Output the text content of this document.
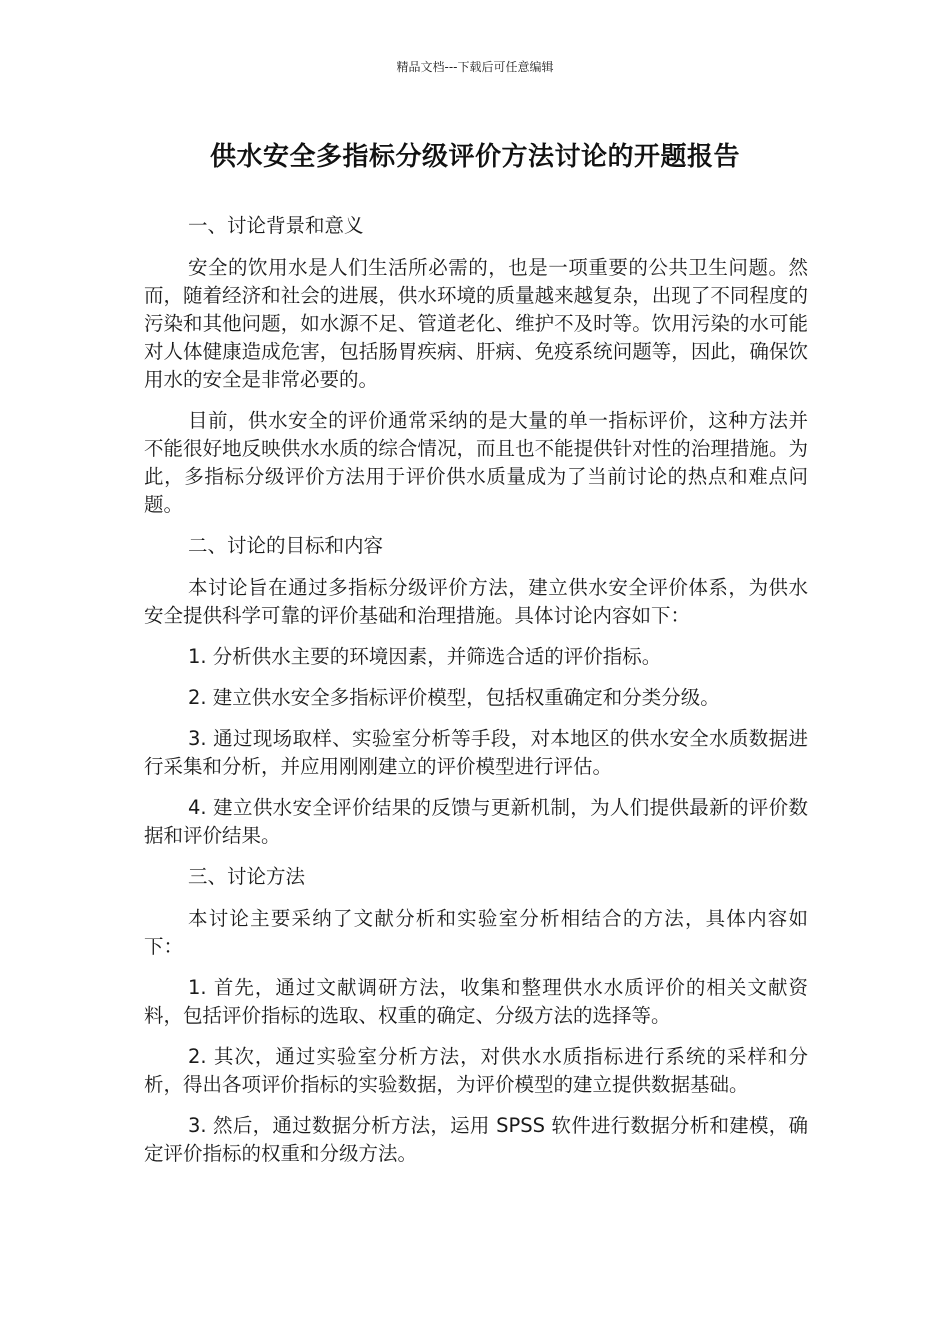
精品文档---下载后可任意编辑
供水安全多指标分级评价方法讨论的开题报告

一、讨论背景和意义

安全的饮用水是人们生活所必需的，也是一项重要的公共卫生问题。然而，随着经济和社会的进展，供水环境的质量越来越复杂，出现了不同程度的污染和其他问题，如水源不足、管道老化、维护不及时等。饮用污染的水可能对人体健康造成危害，包括肠胃疾病、肝病、免疫系统问题等，因此，确保饮用水的安全是非常必要的。

目前，供水安全的评价通常采纳的是大量的单一指标评价，这种方法并不能很好地反映供水水质的综合情况，而且也不能提供针对性的治理措施。为此，多指标分级评价方法用于评价供水质量成为了当前讨论的热点和难点问题。

二、讨论的目标和内容

本讨论旨在通过多指标分级评价方法，建立供水安全评价体系，为供水安全提供科学可靠的评价基础和治理措施。具体讨论内容如下：

1. 分析供水主要的环境因素，并筛选合适的评价指标。

2. 建立供水安全多指标评价模型，包括权重确定和分类分级。

3. 通过现场取样、实验室分析等手段，对本地区的供水安全水质数据进行采集和分析，并应用刚刚建立的评价模型进行评估。

4. 建立供水安全评价结果的反馈与更新机制，为人们提供最新的评价数据和评价结果。

三、讨论方法

本讨论主要采纳了文献分析和实验室分析相结合的方法，具体内容如下：

1. 首先，通过文献调研方法，收集和整理供水水质评价的相关文献资料，包括评价指标的选取、权重的确定、分级方法的选择等。

2. 其次，通过实验室分析方法，对供水水质指标进行系统的采样和分析，得出各项评价指标的实验数据，为评价模型的建立提供数据基础。

3. 然后，通过数据分析方法，运用 SPSS 软件进行数据分析和建模，确定评价指标的权重和分级方法。
